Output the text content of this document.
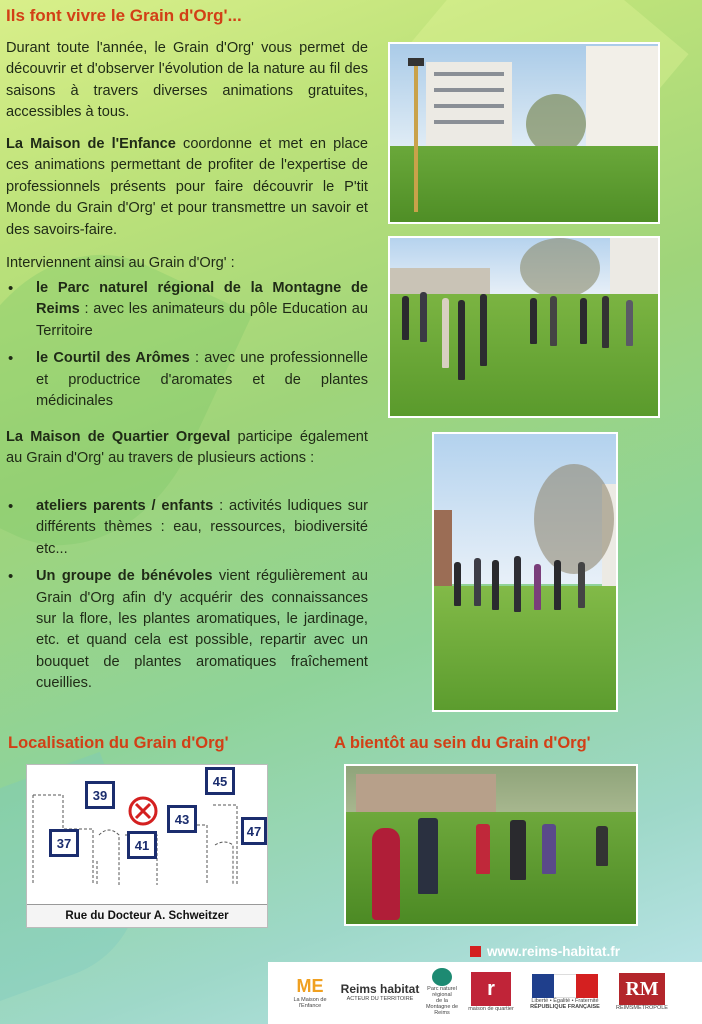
Ils font vivre le Grain d'Org'...

Durant toute l'année, le Grain d'Org' vous permet de découvrir et d'observer l'évolution de la nature au fil des saisons à travers diverses animations gratuites, accessibles à tous.

La Maison de l'Enfance coordonne et met en place ces animations permettant de profiter de l'expertise de professionnels présents pour faire découvrir le P'tit Monde du Grain d'Org' et pour transmettre un savoir et des savoirs-faire.

Interviennent ainsi au Grain d'Org' :

• le Parc naturel régional de la Montagne de Reims : avec les animateurs du pôle Education au Territoire
• le Courtil des Arômes : avec une professionnelle et productrice d'aromates et de plantes médicinales

La Maison de Quartier Orgeval participe également au Grain d'Org' au travers de plusieurs actions :

• ateliers parents / enfants : activités ludiques sur différents thèmes : eau, ressources, biodiversité etc...
• Un groupe de bénévoles vient régulièrement au Grain d'Org afin d'y acquérir des connaissances sur la flore, les plantes aromatiques, le jardinage, etc. et quand cela est possible, repartir avec un bouquet de plantes aromatiques fraîchement cueillies.
Localisation du Grain d'Org'	A bientôt au sein du Grain d'Org'
39
45
43
37	41
47
Rue du Docteur A. Schweitzer
www.reims-habitat.fr
ME
La Maison de l'Enfance
Reims habitat
ACTEUR DU TERRITOIRE
Parc naturel régional
de la Montagne de Reims
r
maison de quartier
Liberté • Égalité • Fraternité
RÉPUBLIQUE FRANÇAISE
RM
REIMSMETROPOLE
